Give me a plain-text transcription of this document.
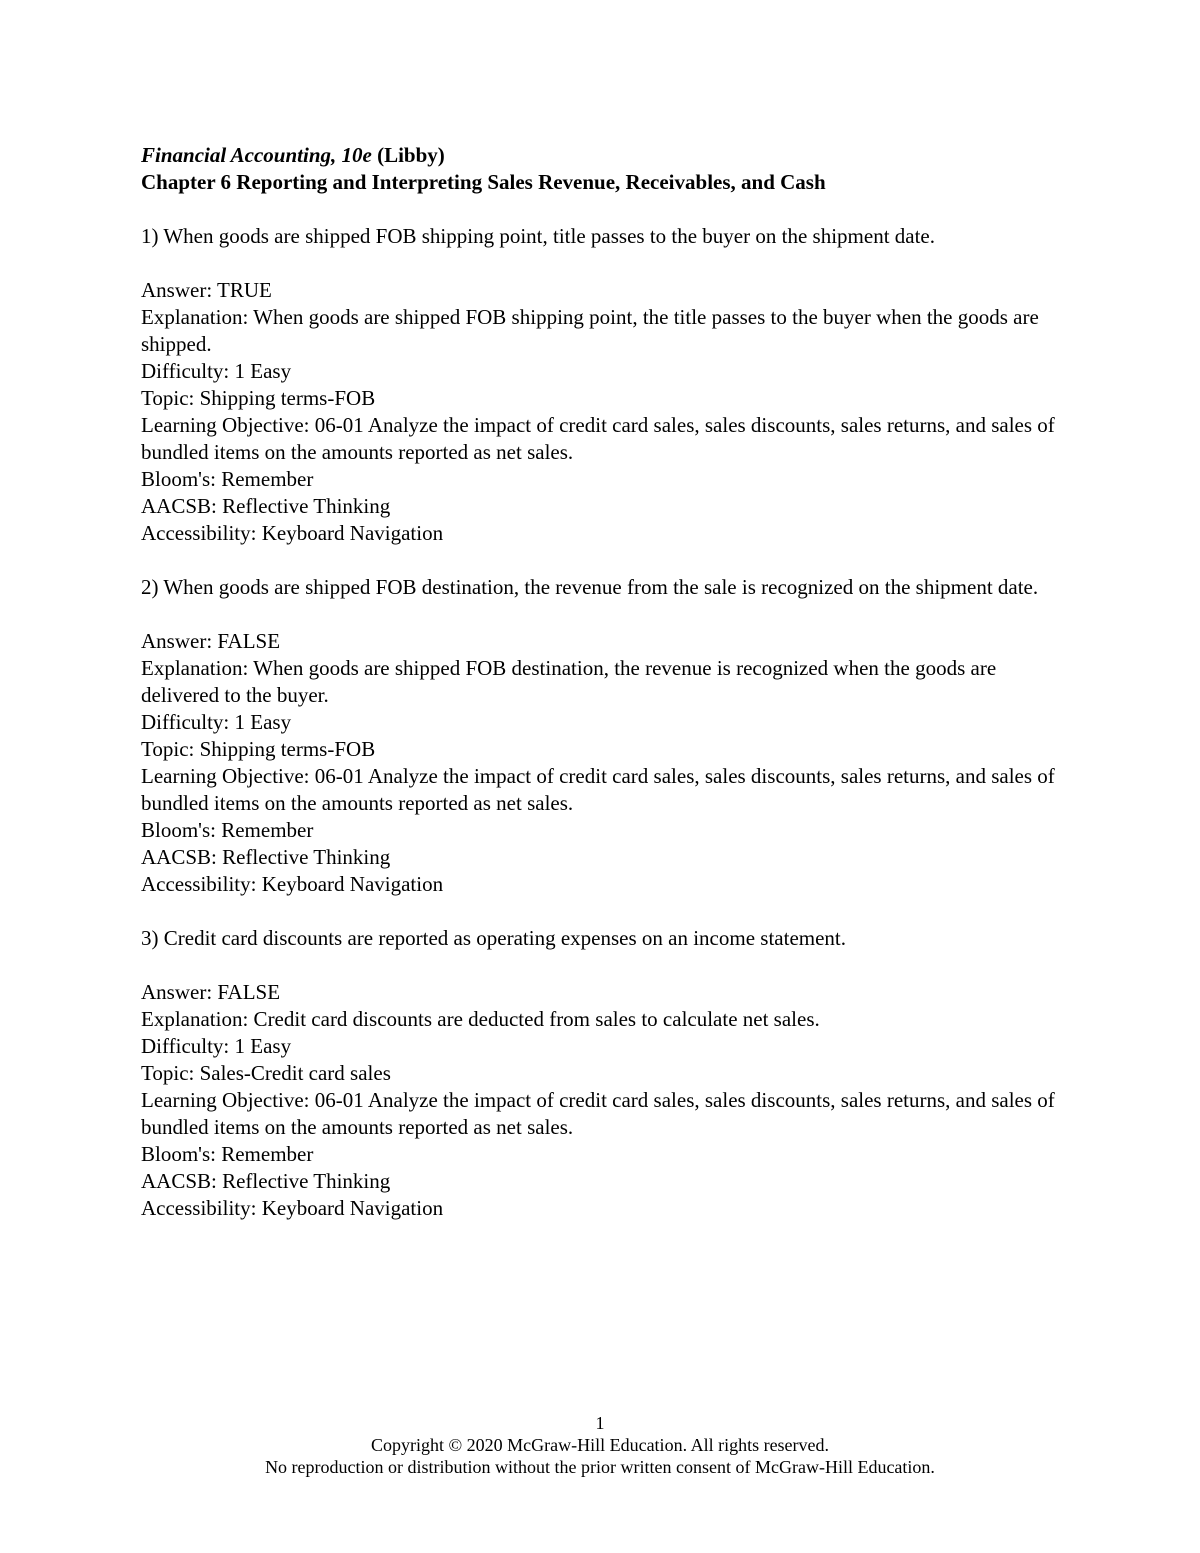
Financial Accounting, 10e (Libby)

Chapter 6 Reporting and Interpreting Sales Revenue, Receivables, and Cash

1) When goods are shipped FOB shipping point, title passes to the buyer on the shipment date.

Answer: TRUE

Explanation: When goods are shipped FOB shipping point, the title passes to the buyer when the goods are shipped.

Difficulty: 1 Easy

Topic: Shipping terms-FOB

Learning Objective: 06-01 Analyze the impact of credit card sales, sales discounts, sales returns, and sales of bundled items on the amounts reported as net sales.

Bloom's: Remember

AACSB: Reflective Thinking

Accessibility: Keyboard Navigation

2) When goods are shipped FOB destination, the revenue from the sale is recognized on the shipment date.

Answer: FALSE

Explanation: When goods are shipped FOB destination, the revenue is recognized when the goods are delivered to the buyer.

Difficulty: 1 Easy

Topic: Shipping terms-FOB

Learning Objective: 06-01 Analyze the impact of credit card sales, sales discounts, sales returns, and sales of bundled items on the amounts reported as net sales.

Bloom's: Remember

AACSB: Reflective Thinking

Accessibility: Keyboard Navigation

3) Credit card discounts are reported as operating expenses on an income statement.

Answer: FALSE

Explanation: Credit card discounts are deducted from sales to calculate net sales.

Difficulty: 1 Easy

Topic: Sales-Credit card sales

Learning Objective: 06-01 Analyze the impact of credit card sales, sales discounts, sales returns, and sales of bundled items on the amounts reported as net sales.

Bloom's: Remember

AACSB: Reflective Thinking

Accessibility: Keyboard Navigation

1
Copyright © 2020 McGraw-Hill Education. All rights reserved.
No reproduction or distribution without the prior written consent of McGraw-Hill Education.
